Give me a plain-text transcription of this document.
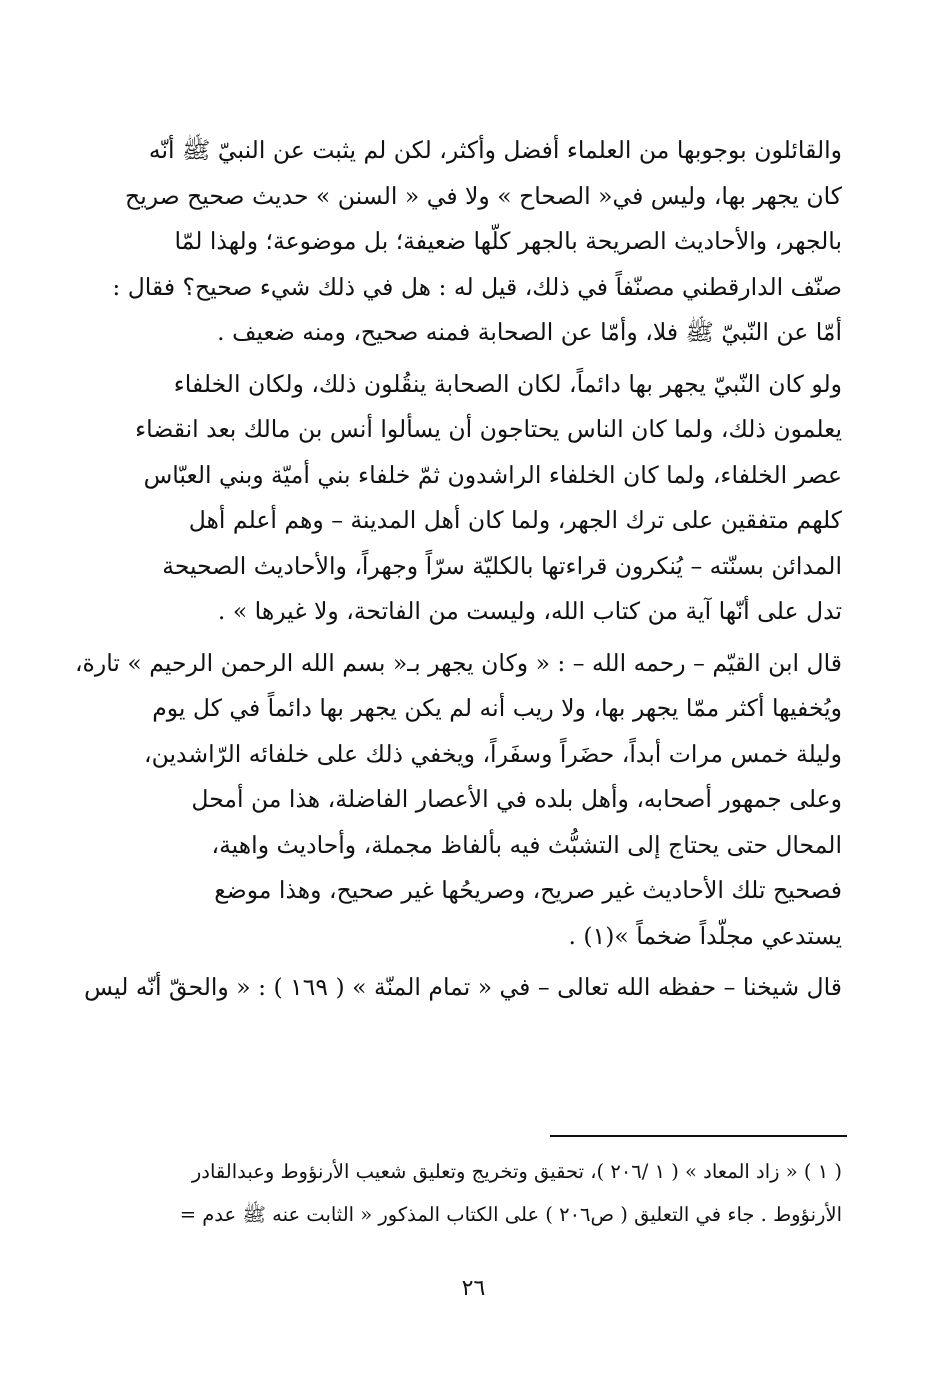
والقائلون بوجوبها من العلماء أفضل وأكثر، لكن لم يثبت عن النبيّ ﷺ أنّه
كان يجهر بها، وليس في« الصحاح » ولا في « السنن » حديث صحيح صريح
بالجهر، والأحاديث الصريحة بالجهر كلّها ضعيفة؛ بل موضوعة؛ ولهذا لمّا
صنّف الدارقطني مصنّفاً في ذلك، قيل له : هل في ذلك شيء صحيح؟ فقال :
أمّا عن النّبيّ ﷺ فلا، وأمّا عن الصحابة فمنه صحيح، ومنه ضعيف .

ولو كان النّبيّ يجهر بها دائماً، لكان الصحابة ينقُلون ذلك، ولكان الخلفاء
يعلمون ذلك، ولما كان الناس يحتاجون أن يسألوا أنس بن مالك بعد انقضاء
عصر الخلفاء، ولما كان الخلفاء الراشدون ثمّ خلفاء بني أميّة وبني العبّاس
كلهم متفقين على ترك الجهر، ولما كان أهل المدينة – وهم أعلم أهل
المدائن بسنّته – يُنكرون قراءتها بالكليّة سرّاً وجهراً، والأحاديث الصحيحة
تدل على أنّها آية من كتاب الله، وليست من الفاتحة، ولا غيرها » .

قال ابن القيّم – رحمه الله – : « وكان يجهر بـ« بسم الله الرحمن الرحيم » تارة،
ويُخفيها أكثر ممّا يجهر بها، ولا ريب أنه لم يكن يجهر بها دائماً في كل يوم
وليلة خمس مرات أبداً، حضَراً وسفَراً، ويخفي ذلك على خلفائه الرّاشدين،
وعلى جمهور أصحابه، وأهل بلده في الأعصار الفاضلة، هذا من أمحل
المحال حتى يحتاج إلى التشبُّث فيه بألفاظ مجملة، وأحاديث واهية،
فصحيح تلك الأحاديث غير صريح، وصريحُها غير صحيح، وهذا موضع
يستدعي مجلّداً ضخماً »(١) .

قال شيخنا – حفظه الله تعالى – في « تمام المنّة » ( ١٦٩ ) : « والحقّ أنّه ليس

( ١ ) « زاد المعاد » ( ١ /٢٠٦ )، تحقيق وتخريج وتعليق شعيب الأرنؤوط وعبدالقادر
الأرنؤوط . جاء في التعليق ( ص٢٠٦ ) على الكتاب المذكور « الثابت عنه ﷺ عدم =
٢٦
